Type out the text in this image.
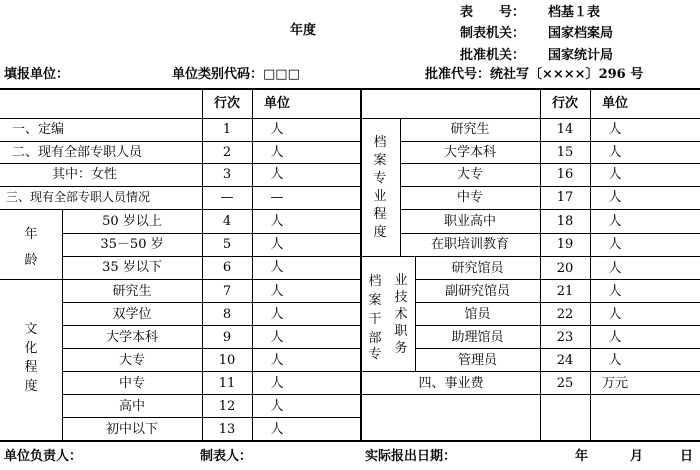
表　　号： 档基１表
制表机关： 国家档案局
批准机关： 国家统计局
年度
填报单位：	单位类别代码：□□□	批准代号：统社写〔××××〕296 号
行次	单位	行次	单位
一、定编	1	人
二、现有全部专职人员	2	人
其中：女性	3	人
三、现有全部专职人员情况	—	—
年龄
50 岁以上	4	人
35－50 岁	5	人
35 岁以下	6	人
文化程度
研究生	7	人
双学位	8	人
大学本科	9	人
大专	10	人
中专	11	人
高中	12	人
初中以下	13	人
档案专业程度
研究生	14	人
大学本科	15	人
大专	16	人
中专	17	人
职业高中	18	人
在职培训教育	19	人
档案干部
专
业技术职务
研究馆员	20	人
副研究馆员	21	人
馆员	22	人
助理馆员	23	人
管理员	24	人
四、事业费	25	万元
单位负责人：	制表人：	实际报出日期：	年	月	日
